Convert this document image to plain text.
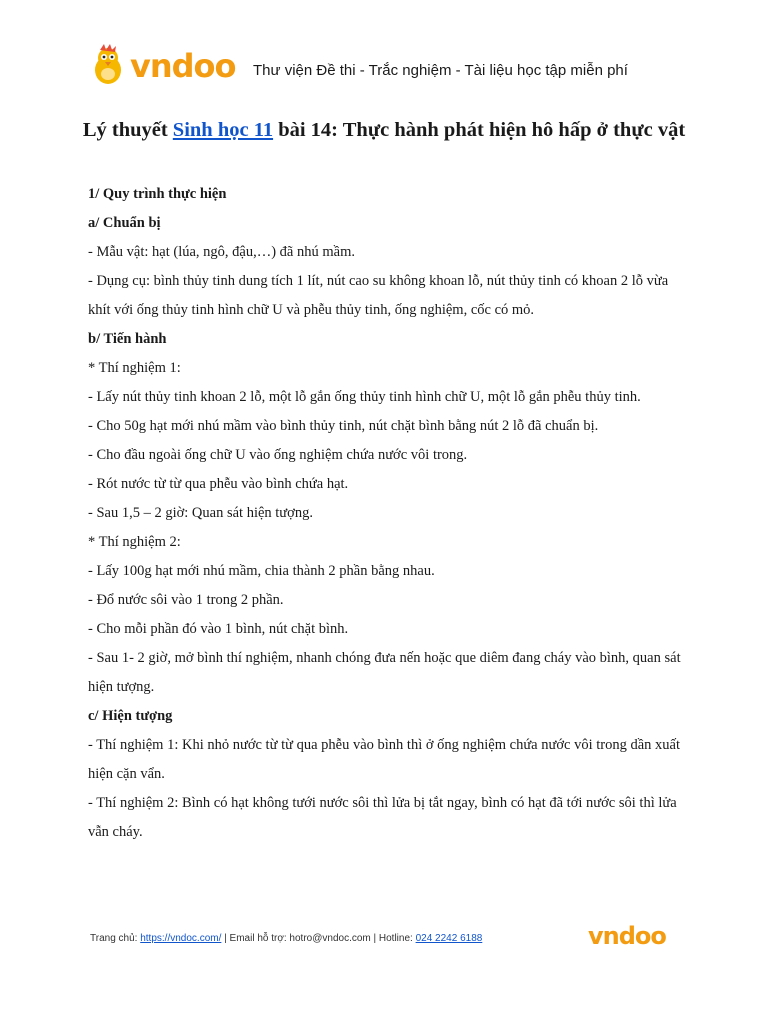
vndoo Thư viện Đề thi - Trắc nghiệm - Tài liệu học tập miễn phí
Lý thuyết Sinh học 11 bài 14: Thực hành phát hiện hô hấp ở thực vật
1/ Quy trình thực hiện
a/ Chuẩn bị
- Mẫu vật: hạt (lúa, ngô, đậu,…) đã nhú mầm.
- Dụng cụ: bình thủy tinh dung tích 1 lít, nút cao su không khoan lỗ, nút thủy tinh có khoan 2 lỗ vừa khít với ống thủy tinh hình chữ U và phễu thủy tinh, ống nghiệm, cốc có mỏ.
b/ Tiến hành
* Thí nghiệm 1:
- Lấy nút thủy tinh khoan 2 lỗ, một lỗ gắn ống thủy tinh hình chữ U, một lỗ gắn phễu thủy tinh.
- Cho 50g hạt mới nhú mầm vào bình thủy tinh, nút chặt bình bằng nút 2 lỗ đã chuẩn bị.
- Cho đầu ngoài ống chữ U vào ống nghiệm chứa nước vôi trong.
- Rót nước từ từ qua phễu vào bình chứa hạt.
- Sau 1,5 – 2 giờ: Quan sát hiện tượng.
* Thí nghiệm 2:
- Lấy 100g hạt mới nhú mầm, chia thành 2 phần bằng nhau.
- Đổ nước sôi vào 1 trong 2 phần.
- Cho mỗi phần đó vào 1 bình, nút chặt bình.
- Sau 1- 2 giờ, mở bình thí nghiệm, nhanh chóng đưa nến hoặc que diêm đang cháy vào bình, quan sát hiện tượng.
c/ Hiện tượng
- Thí nghiệm 1: Khi nhỏ nước từ từ qua phễu vào bình thì ở ống nghiệm chứa nước vôi trong dần xuất hiện cặn vẩn.
- Thí nghiệm 2: Bình có hạt không tưới nước sôi thì lửa bị tắt ngay, bình có hạt đã tới nước sôi thì lửa vẫn cháy.
Trang chủ: https://vndoc.com/ | Email hỗ trợ: hotro@vndoc.com | Hotline: 024 2242 6188	vndoo
